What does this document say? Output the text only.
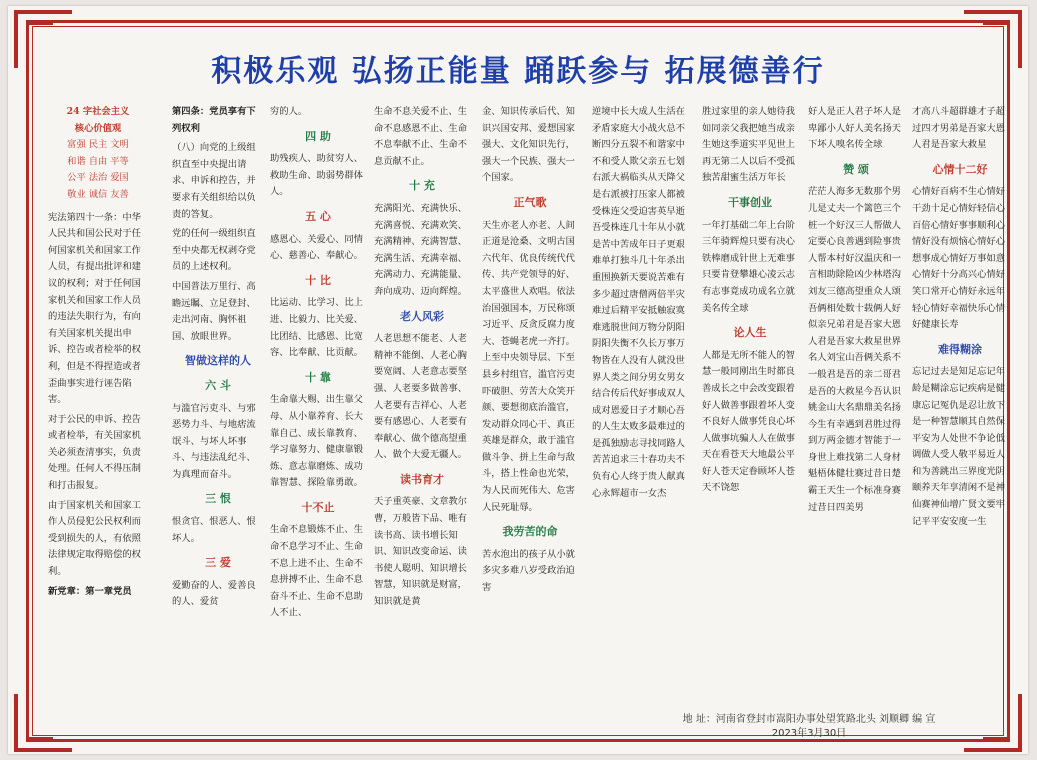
积极乐观 弘扬正能量 踊跃参与 拓展德善行

24 字社会主义

核心价值观

富强 民主 文明

和谐 自由 平等

公平 法治 爱国

敬业 诚信 友善

宪法第四十一条：中华人民共和国公民对于任何国家机关和国家工作人员，有提出批评和建议的权利；对于任何国家机关和国家工作人员的违法失职行为，有向有关国家机关提出申诉、控告或者检举的权利，但是不得捏造或者歪曲事实进行诬告陷害。

对于公民的申诉、控告或者检举，有关国家机关必须查清事实，负责处理。任何人不得压制和打击报复。

由于国家机关和国家工作人员侵犯公民权利而受到损失的人，有依照法律规定取得赔偿的权利。

新党章：第一章党员

第四条：党员享有下列权利

（八）向党的上级组织直至中央提出请求、申诉和控告，并要求有关组织给以负责的答复。

党的任何一级组织直至中央都无权剥夺党员的上述权利。

中国普法万里行、高瞻远瞩、立足登封、走出河南、胸怀祖国、放眼世界。

智做这样的人

六 斗

与滥官污吏斗、与邪恶势力斗、与地痞流氓斗、与坏人坏事斗、与违法乱纪斗、为真理而奋斗。

三 恨

恨贪官、恨恶人、恨坏人。

三 爱

爱勤奋的人、爱善良的人、爱贫

穷的人。

四 助

助残疾人、助贫穷人、救助生命、助弱势群体人。

五 心

感恩心、关爱心、同情心、慈善心、奉献心。

十 比

比运动、比学习、比上进、比毅力、比关爱、比团结、比感恩、比宽容、比奉献、比贡献。

十 靠

生命靠大赐、出生靠父母、从小靠养育、长大靠自己、成长靠教育、学习靠努力、健康靠锻炼、意志靠磨炼、成功靠智慧、探险靠勇敢。

十不止

生命不息锻炼不止、生命不息学习不止、生命不息上进不止、生命不息拼搏不止、生命不息奋斗不止、生命不息助人不止、

生命不息关爱不止、生命不息感恩不止、生命不息奉献不止、生命不息贡献不止。

十 充

充满阳光、充满快乐、充满喜悦、充满欢笑、充满精神、充满智慧、充满生活、充满幸福、充满动力、充满能量、奔向成功、迈向辉煌。

老人风彩

人老思想不能老、人老精神不能倒、人老心胸要宽阔、人老意志要坚强、人老要多做善事、人老要有吉祥心、人老要有感恩心、人老要有奉献心、做个德高望重人、做个大爱无疆人。

读书育才

天子重英豪、文章教尔曹，万般皆下品、唯有读书高、读书增长知识、知识改变命运、读书使人聪明、知识增长智慧，知识就是财富，知识就是黄

金、知识传承后代、知识兴国安邦、爱想国家强大、文化知识先行，强大一个民族、强大一个国家。

正气歌

天生亦老人亦老、人间正道是沧桑、文明古国六代年、优良传统代代传、共产党领导的好、太平盛世人欢唱。依法治国强国本，万民称颂习近平、反贪反腐力度大、苍蝇老虎一齐打。上至中央领导层、下至县乡村组官，滥官污吏吓破胆、劳苦大众笑开颜、要想彻底治滥官，发动群众同心干、真正英雄是群众，敢于滥官做斗争、拼上生命与敌斗，搭上性命也光荣，为人民而死伟大、危害人民死耻辱。

我劳苦的命

苦水泡出的孩子从小就多灾多难八岁受政治迫害

逆境中长大成人生活在矛盾家庭大小战火总不断四分五裂不和谐家中不和受人欺父亲五七划右派大祸临头从天降父是右派被打压家人都被受株连父受迫害英早逝吾受株连几十年从小就是苦中苦成年日子更艰难单打独斗几十年杀出重围换新天要说苦难有多少超过唐僧两倍半灾难过后精平安抵触寂寞难逃脱世间万物分阴阳阴阳失衡不久长万事万物皆在人没有人就没世界人类之间分男女男女结合传后代好事成双人成对恩爱日子才顺心吾的人生太败多最难过的是孤独励志寻找同路人苦苦追求三十春功夫不负有心人终于贵人献真心永辉超市一女杰

胜过家里的亲人她待我如同亲父我把她当成亲生她这季道实平见世上再无第二人以后不受孤独苦甜蜜生活万年长

干事创业

一年打基础二年上台阶三年骑辉煌只要有决心铁棒磨成针世上无难事只要肯登攀雄心凌云志有志事竟成功成名立就美名传全球

论人生

人都是无所不能人的智慧一般同刚出生时都良善成长之中会改变跟着好人做善事跟着坏人变不良好人做事凭良心坏人做事坑骗人人在做事天在看苍天大地最公平好人苍天定眷顾坏人苍天不饶恕

好人是正人君子坏人是卑鄙小人好人美名扬天下坏人嗅名传全球

赞 颂

茫茫人海多无数那个男儿是丈夫一个篱笆三个桩一个好汉三人帮做人定要心良善遇到险事贵人帮本村好汉温庆和一言相助除险凶少林塔沟刘友三德高望重众人颂吾俩相处数十载俩人好似亲兄弟君是吾家大恩人君是吾家大救星世界名人刘宝山吾俩关系不一般君是吾的亲二哥君是吾的大救星今吾认识姚金山大名鼎鼎美名扬今生有幸遇到君胜过得到万两金德才智能于一身世上难找第二人身材魁梧体健壮赛过昔日楚霸王天生一个标准身赛过昔日四美男

才高八斗超群雄才子超过四才男弟是吾家大恩人君是吾家大救星

心情十二好

心情好百病不生心情好干劲十足心情好轻信心百倍心情好事事顺利心情好没有烦恼心情好心想事成心情好万事如意心情好十分高兴心情好笑口常开心情好永远年轻心情好幸福快乐心情好健康长寿

难得糊涂

忘记过去是知足忘记年龄是糊涂忘记疾病是健康忘记冤仇是忍让放下是一种智慧顺其自然保平安为人处世不争论低调做人受人敬平易近人和为善跳出三界度光阴颐养天年享清闲不是神仙赛神仙增广贤文要牢记平平安安度一生

地 址：河南省登封市嵩阳办事处望箕路北头 刘顺卿 编 宣
2023年3月30日
